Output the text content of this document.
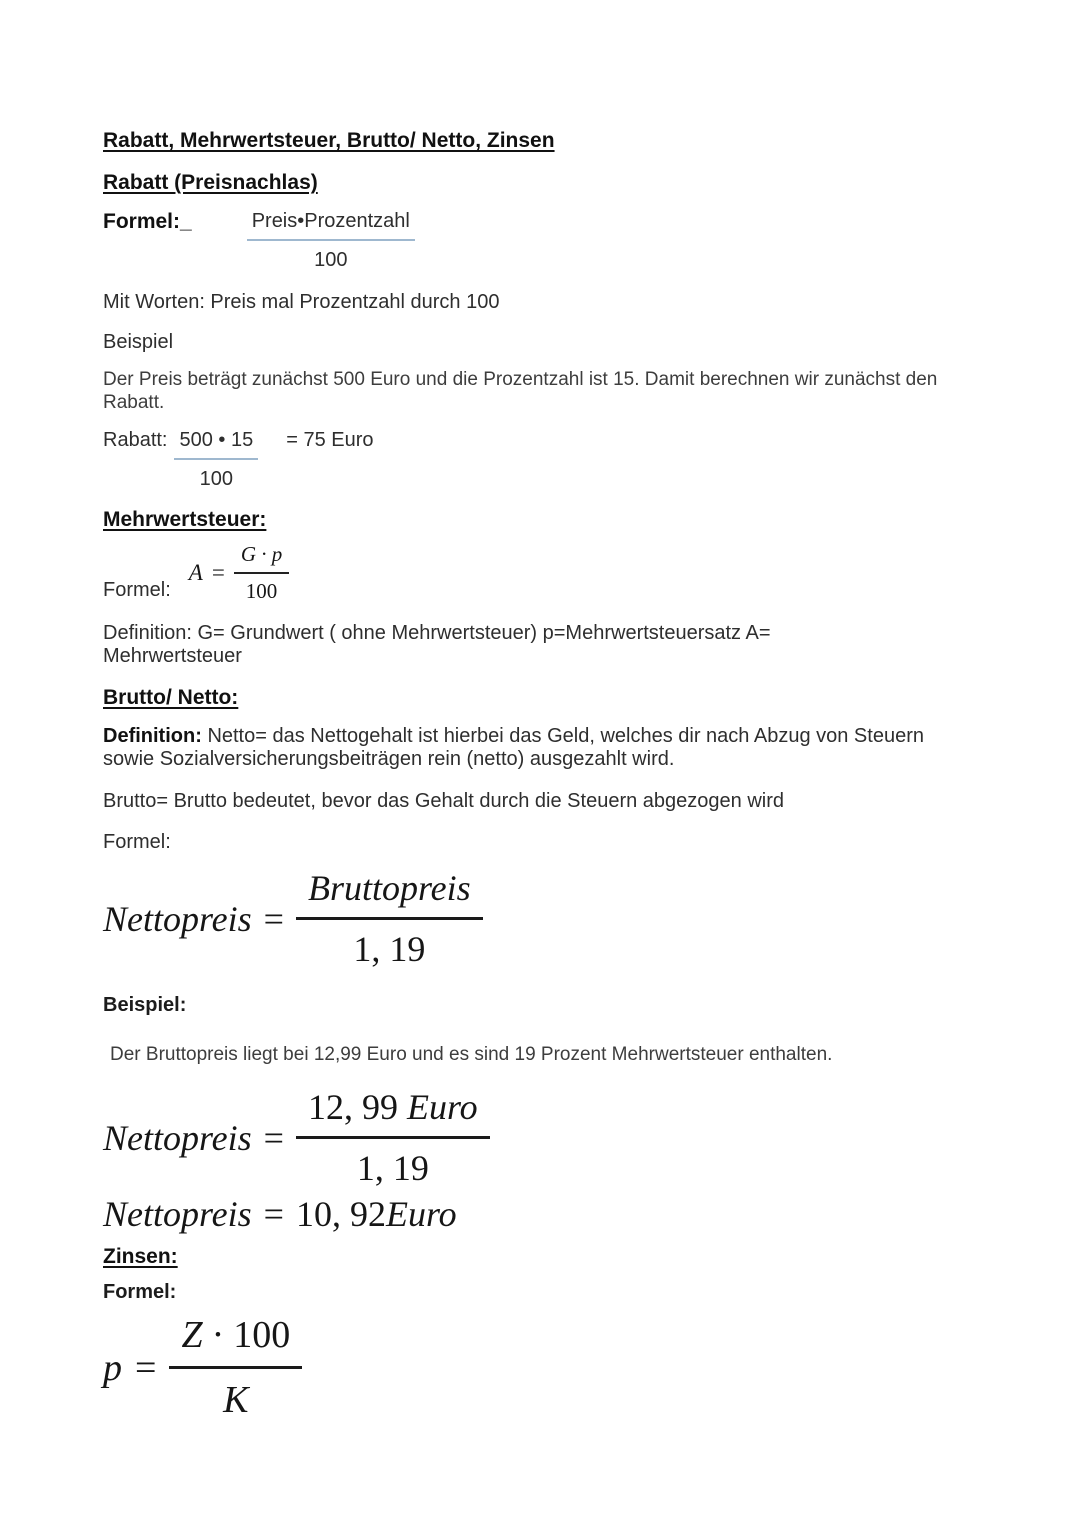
Rabatt, Mehrwertsteuer, Brutto/ Netto, Zinsen
Rabatt (Preisnachlas)
Formel:_	Preis•Prozentzahl
100
Mit Worten: Preis mal Prozentzahl durch 100
Beispiel
Der Preis beträgt zunächst 500 Euro und die Prozentzahl ist 15. Damit berechnen wir zunächst den Rabatt.
Rabatt: $\frac{500 • 15}{100} = 75$ Euro
Mehrwertsteuer:
Formel:
$A = \frac{G \cdot p}{100}$
Definition: G= Grundwert ( ohne Mehrwertsteuer) p=Mehrwertsteuersatz A= Mehrwertsteuer
Brutto/ Netto:
Definition: Netto= das Nettogehalt ist hierbei das Geld, welches dir nach Abzug von Steuern sowie Sozialversicherungsbeiträgen rein (netto) ausgezahlt wird.
Brutto= Brutto bedeutet, bevor das Gehalt durch die Steuern abgezogen wird
Formel:
Nettopreis =
Bruttopreis
1, 19
Beispiel:
Der Bruttopreis liegt bei 12,99 Euro und es sind 19 Prozent Mehrwertsteuer enthalten.
Nettopreis =
12, 99 Euro
1, 19
Nettopreis = 10, 92 Euro
Zinsen:
Formel:
$p = \frac{Z \cdot 100}{K}$
